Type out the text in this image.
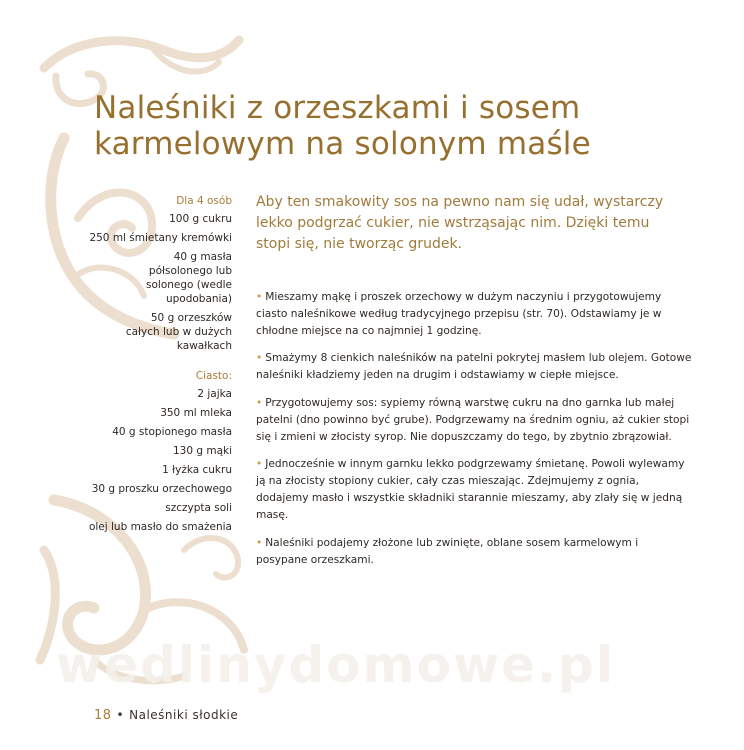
Naleśniki z orzeszkami i sosem karmelowym na solonym maśle
Dla 4 osób
100 g cukru
250 ml śmietany kremówki
40 g masła półsolonego lub solonego (wedle upodobania)
50 g orzeszków całych lub w dużych kawałkach
Ciasto:
2 jajka
350 ml mleka
40 g stopionego masła
130 g mąki
1 łyżka cukru
30 g proszku orzechowego
szczypta soli
olej lub masło do smażenia

Aby ten smakowity sos na pewno nam się udał, wystarczy lekko podgrzać cukier, nie wstrząsając nim. Dzięki temu stopi się, nie tworząc grudek.

• Mieszamy mąkę i proszek orzechowy w dużym naczyniu i przygotowujemy ciasto naleśnikowe według tradycyjnego przepisu (str. 70). Odstawiamy je w chłodne miejsce na co najmniej 1 godzinę.

• Smażymy 8 cienkich naleśników na patelni pokrytej masłem lub olejem. Gotowe naleśniki kładziemy jeden na drugim i odstawiamy w ciepłe miejsce.

• Przygotowujemy sos: sypiemy równą warstwę cukru na dno garnka lub małej patelni (dno powinno być grube). Podgrzewamy na średnim ogniu, aż cukier stopi się i zmieni w złocisty syrop. Nie dopuszczamy do tego, by zbytnio zbrązowiał.

• Jednocześnie w innym garnku lekko podgrzewamy śmietanę. Powoli wylewamy ją na złocisty stopiony cukier, cały czas mieszając. Zdejmujemy z ognia, dodajemy masło i wszystkie składniki starannie mieszamy, aby zlały się w jedną masę.

• Naleśniki podajemy złożone lub zwinięte, oblane sosem karmelowym i posypane orzeszkami.

wedlinydomowe.pl
18 • Naleśniki słodkie
